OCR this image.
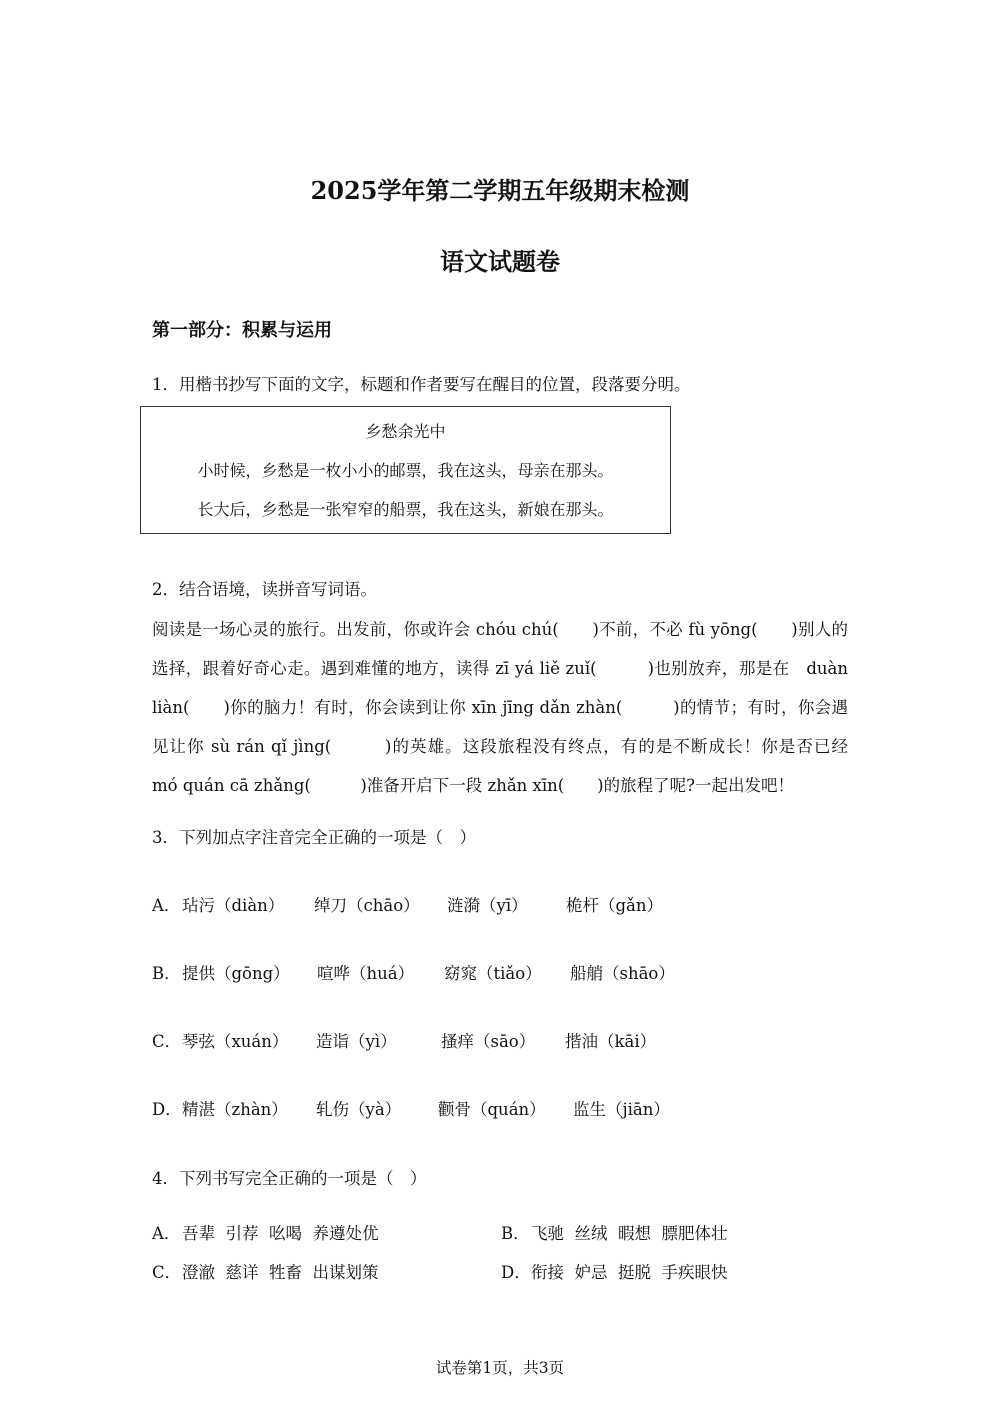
2025学年第二学期五年级期末检测
语文试题卷
第一部分：积累与运用
1．用楷书抄写下面的文字，标题和作者要写在醒目的位置，段落要分明。
乡愁余光中
小时候，乡愁是一枚小小的邮票，我在这头，母亲在那头。
长大后，乡愁是一张窄窄的船票，我在这头，新娘在那头。
2．结合语境，读拼音写词语。
阅读是一场心灵的旅行。出发前，你或许会 chóu chú(　　)不前，不必 fù yōng(　　)别人的
选择，跟着好奇心走。遇到难懂的地方，读得 zī yá liě zuǐ(　　　)也别放弃，那是在　duàn
liàn(　　)你的脑力！有时，你会读到让你 xīn jīng dǎn zhàn(　　　)的情节；有时，你会遇
见让你 sù rán qǐ jìng(　　　)的英雄。这段旅程没有终点，有的是不断成长！你是否已经
mó quán cā zhǎng(　　　)准备开启下一段 zhǎn xīn(　　)的旅程了呢?一起出发吧！
3．下列加点字注音完全正确的一项是（　）
A． 玷污（diàn） 绰刀（chāo） 涟漪（yī） 桅杆（gǎn）
B． 提供（gōng） 喧哗（huá） 窈窕（tiǎo） 船艄（shāo）
C． 琴弦（xuán） 造诣（yì）	搔痒（sāo） 揩油（kāi）
D． 精湛（zhàn） 轧伤（yà） 颧骨（quán） 监生（jiān）
4．下列书写完全正确的一项是（　）
A． 吾辈  引荐  吆喝  养遵处优	B． 飞驰  丝绒  暇想  膘肥体壮
C． 澄澈  慈详  牲畜  出谋划策	D． 衔接  妒忌  挺脱  手疾眼快
试卷第1页，共3页
